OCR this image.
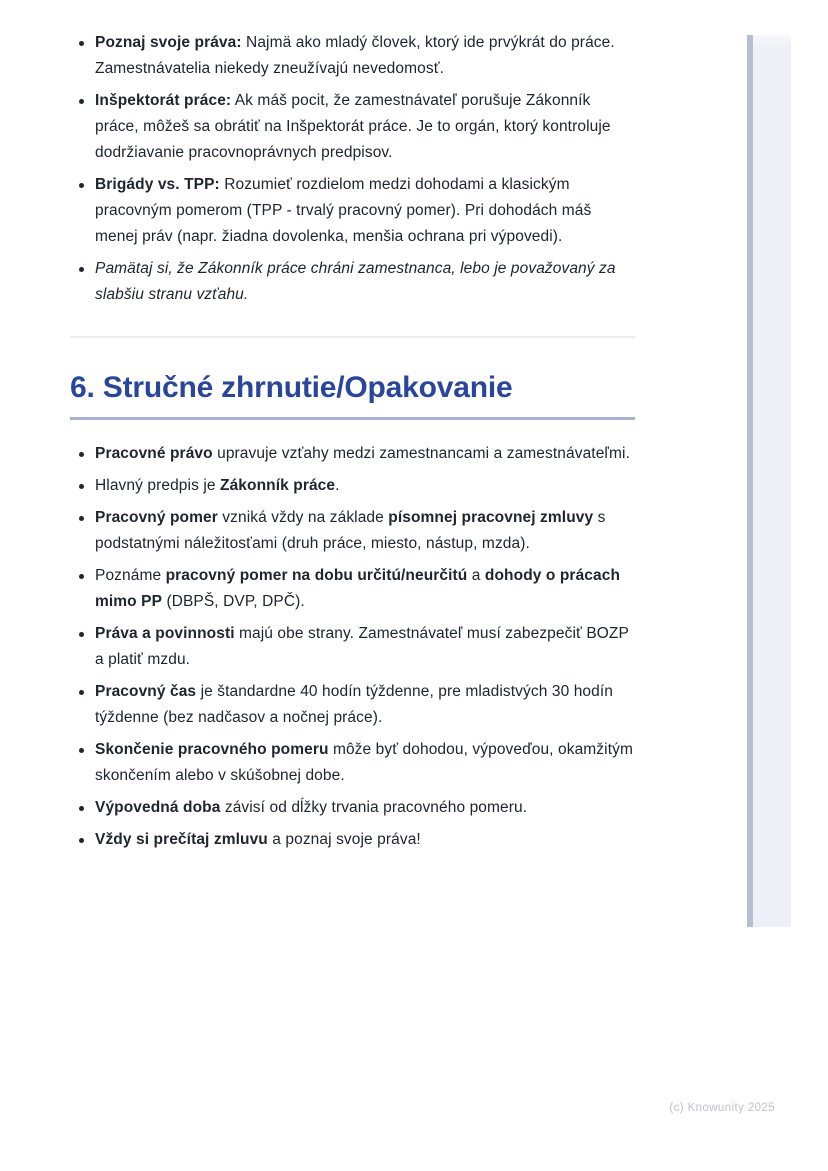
Poznaj svoje práva: Najmä ako mladý človek, ktorý ide prvýkrát do práce. Zamestnávatelia niekedy zneužívajú nevedomosť.
Inšpektorát práce: Ak máš pocit, že zamestnávateľ porušuje Zákonník práce, môžeš sa obrátiť na Inšpektorát práce. Je to orgán, ktorý kontroluje dodržiavanie pracovnoprávnych predpisov.
Brigády vs. TPP: Rozumieť rozdielom medzi dohodami a klasickým pracovným pomerom (TPP - trvalý pracovný pomer). Pri dohodách máš menej práv (napr. žiadna dovolenka, menšia ochrana pri výpovedi).
Pamätaj si, že Zákonník práce chráni zamestnanca, lebo je považovaný za slabšiu stranu vzťahu.
6. Stručné zhrnutie/Opakovanie
Pracovné právo upravuje vzťahy medzi zamestnancami a zamestnávateľmi.
Hlavný predpis je Zákonník práce.
Pracovný pomer vzniká vždy na základe písomnej pracovnej zmluvy s podstatnými náležitosťami (druh práce, miesto, nástup, mzda).
Poznáme pracovný pomer na dobu určitú/neurčitú a dohody o prácach mimo PP (DBPŠ, DVP, DPČ).
Práva a povinnosti majú obe strany. Zamestnávateľ musí zabezpečiť BOZP a platiť mzdu.
Pracovný čas je štandardne 40 hodín týždenne, pre mladistvých 30 hodín týždenne (bez nadčasov a nočnej práce).
Skončenie pracovného pomeru môže byť dohodou, výpoveďou, okamžitým skončením alebo v skúšobnej dobe.
Výpovedná doba závisí od dĺžky trvania pracovného pomeru.
Vždy si prečítaj zmluvu a poznaj svoje práva!
(c) Knowunity 2025
